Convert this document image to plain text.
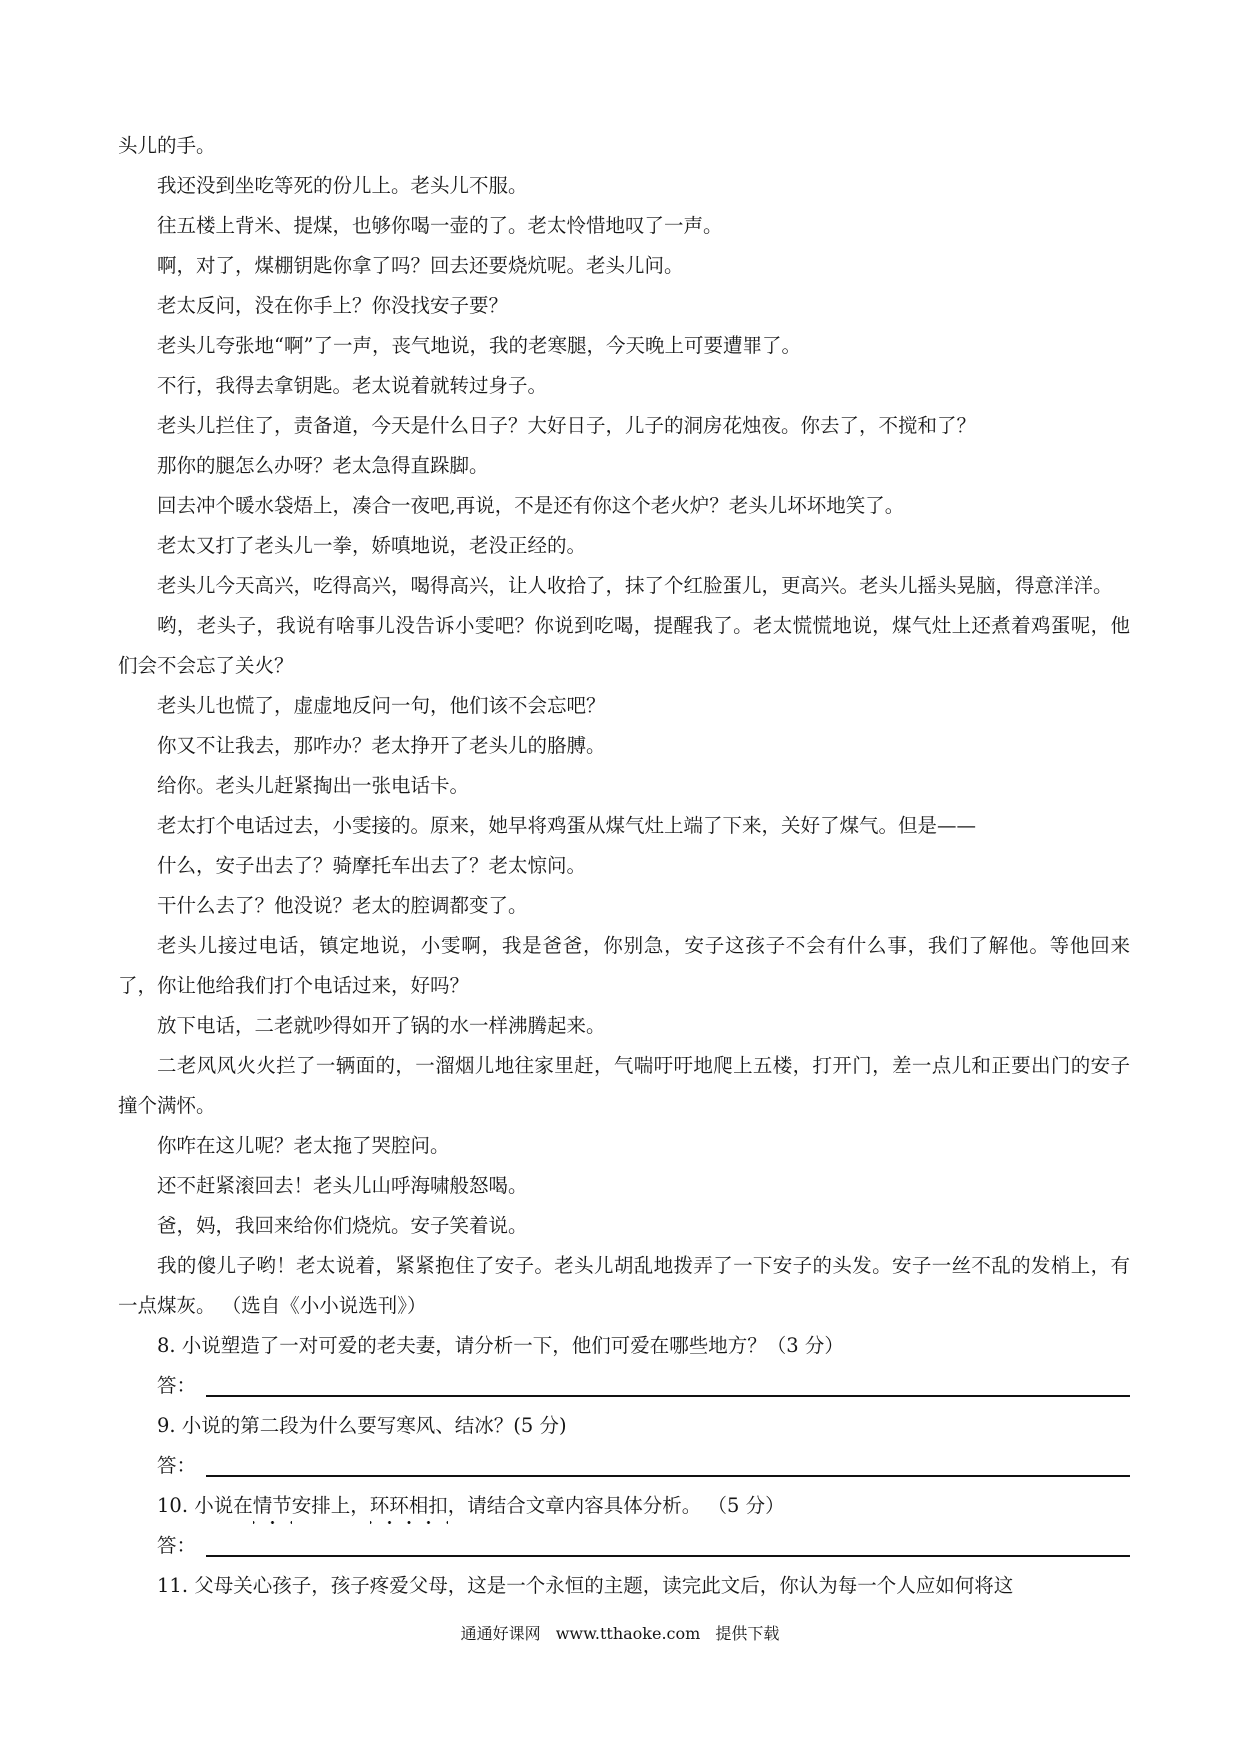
头儿的手。

我还没到坐吃等死的份儿上。老头儿不服。

往五楼上背米、提煤，也够你喝一壶的了。老太怜惜地叹了一声。

啊，对了，煤棚钥匙你拿了吗？回去还要烧炕呢。老头儿问。

老太反问，没在你手上？你没找安子要？

老头儿夸张地“啊”了一声，丧气地说，我的老寒腿，今天晚上可要遭罪了。

不行，我得去拿钥匙。老太说着就转过身子。

老头儿拦住了，责备道，今天是什么日子？大好日子，儿子的洞房花烛夜。你去了，不搅和了？

那你的腿怎么办呀？老太急得直跺脚。

回去冲个暖水袋焐上，凑合一夜吧,再说，不是还有你这个老火炉？老头儿坏坏地笑了。

老太又打了老头儿一拳，娇嗔地说，老没正经的。

老头儿今天高兴，吃得高兴，喝得高兴，让人收拾了，抹了个红脸蛋儿，更高兴。老头儿摇头晃脑，得意洋洋。

哟，老头子，我说有啥事儿没告诉小雯吧？你说到吃喝，提醒我了。老太慌慌地说，煤气灶上还煮着鸡蛋呢，他们会不会忘了关火？

老头儿也慌了，虚虚地反问一句，他们该不会忘吧？

你又不让我去，那咋办？老太挣开了老头儿的胳膊。

给你。老头儿赶紧掏出一张电话卡。

老太打个电话过去，小雯接的。原来，她早将鸡蛋从煤气灶上端了下来，关好了煤气。但是——

什么，安子出去了？骑摩托车出去了？老太惊问。

干什么去了？他没说？老太的腔调都变了。

老头儿接过电话，镇定地说，小雯啊，我是爸爸，你别急，安子这孩子不会有什么事，我们了解他。等他回来了，你让他给我们打个电话过来，好吗？

放下电话，二老就吵得如开了锅的水一样沸腾起来。

二老风风火火拦了一辆面的，一溜烟儿地往家里赶，气喘吁吁地爬上五楼，打开门，差一点儿和正要出门的安子撞个满怀。

你咋在这儿呢？老太拖了哭腔问。

还不赶紧滚回去！老头儿山呼海啸般怒喝。

爸，妈，我回来给你们烧炕。安子笑着说。

我的傻儿子哟！老太说着，紧紧抱住了安子。老头儿胡乱地拨弄了一下安子的头发。安子一丝不乱的发梢上，有一点煤灰。 （选自《小小说选刊》）

8. 小说塑造了一对可爱的老夫妻，请分析一下，他们可爱在哪些地方？（3 分）

答：

9. 小说的第二段为什么要写寒风、结冰？(5 分)

答：

10. 小说在情节安排上，环环相扣，请结合文章内容具体分析。 （5 分）

答：

11. 父母关心孩子，孩子疼爱父母，这是一个永恒的主题，读完此文后，你认为每一个人应如何将这

通通好课网 www.tthaoke.com 提供下载
